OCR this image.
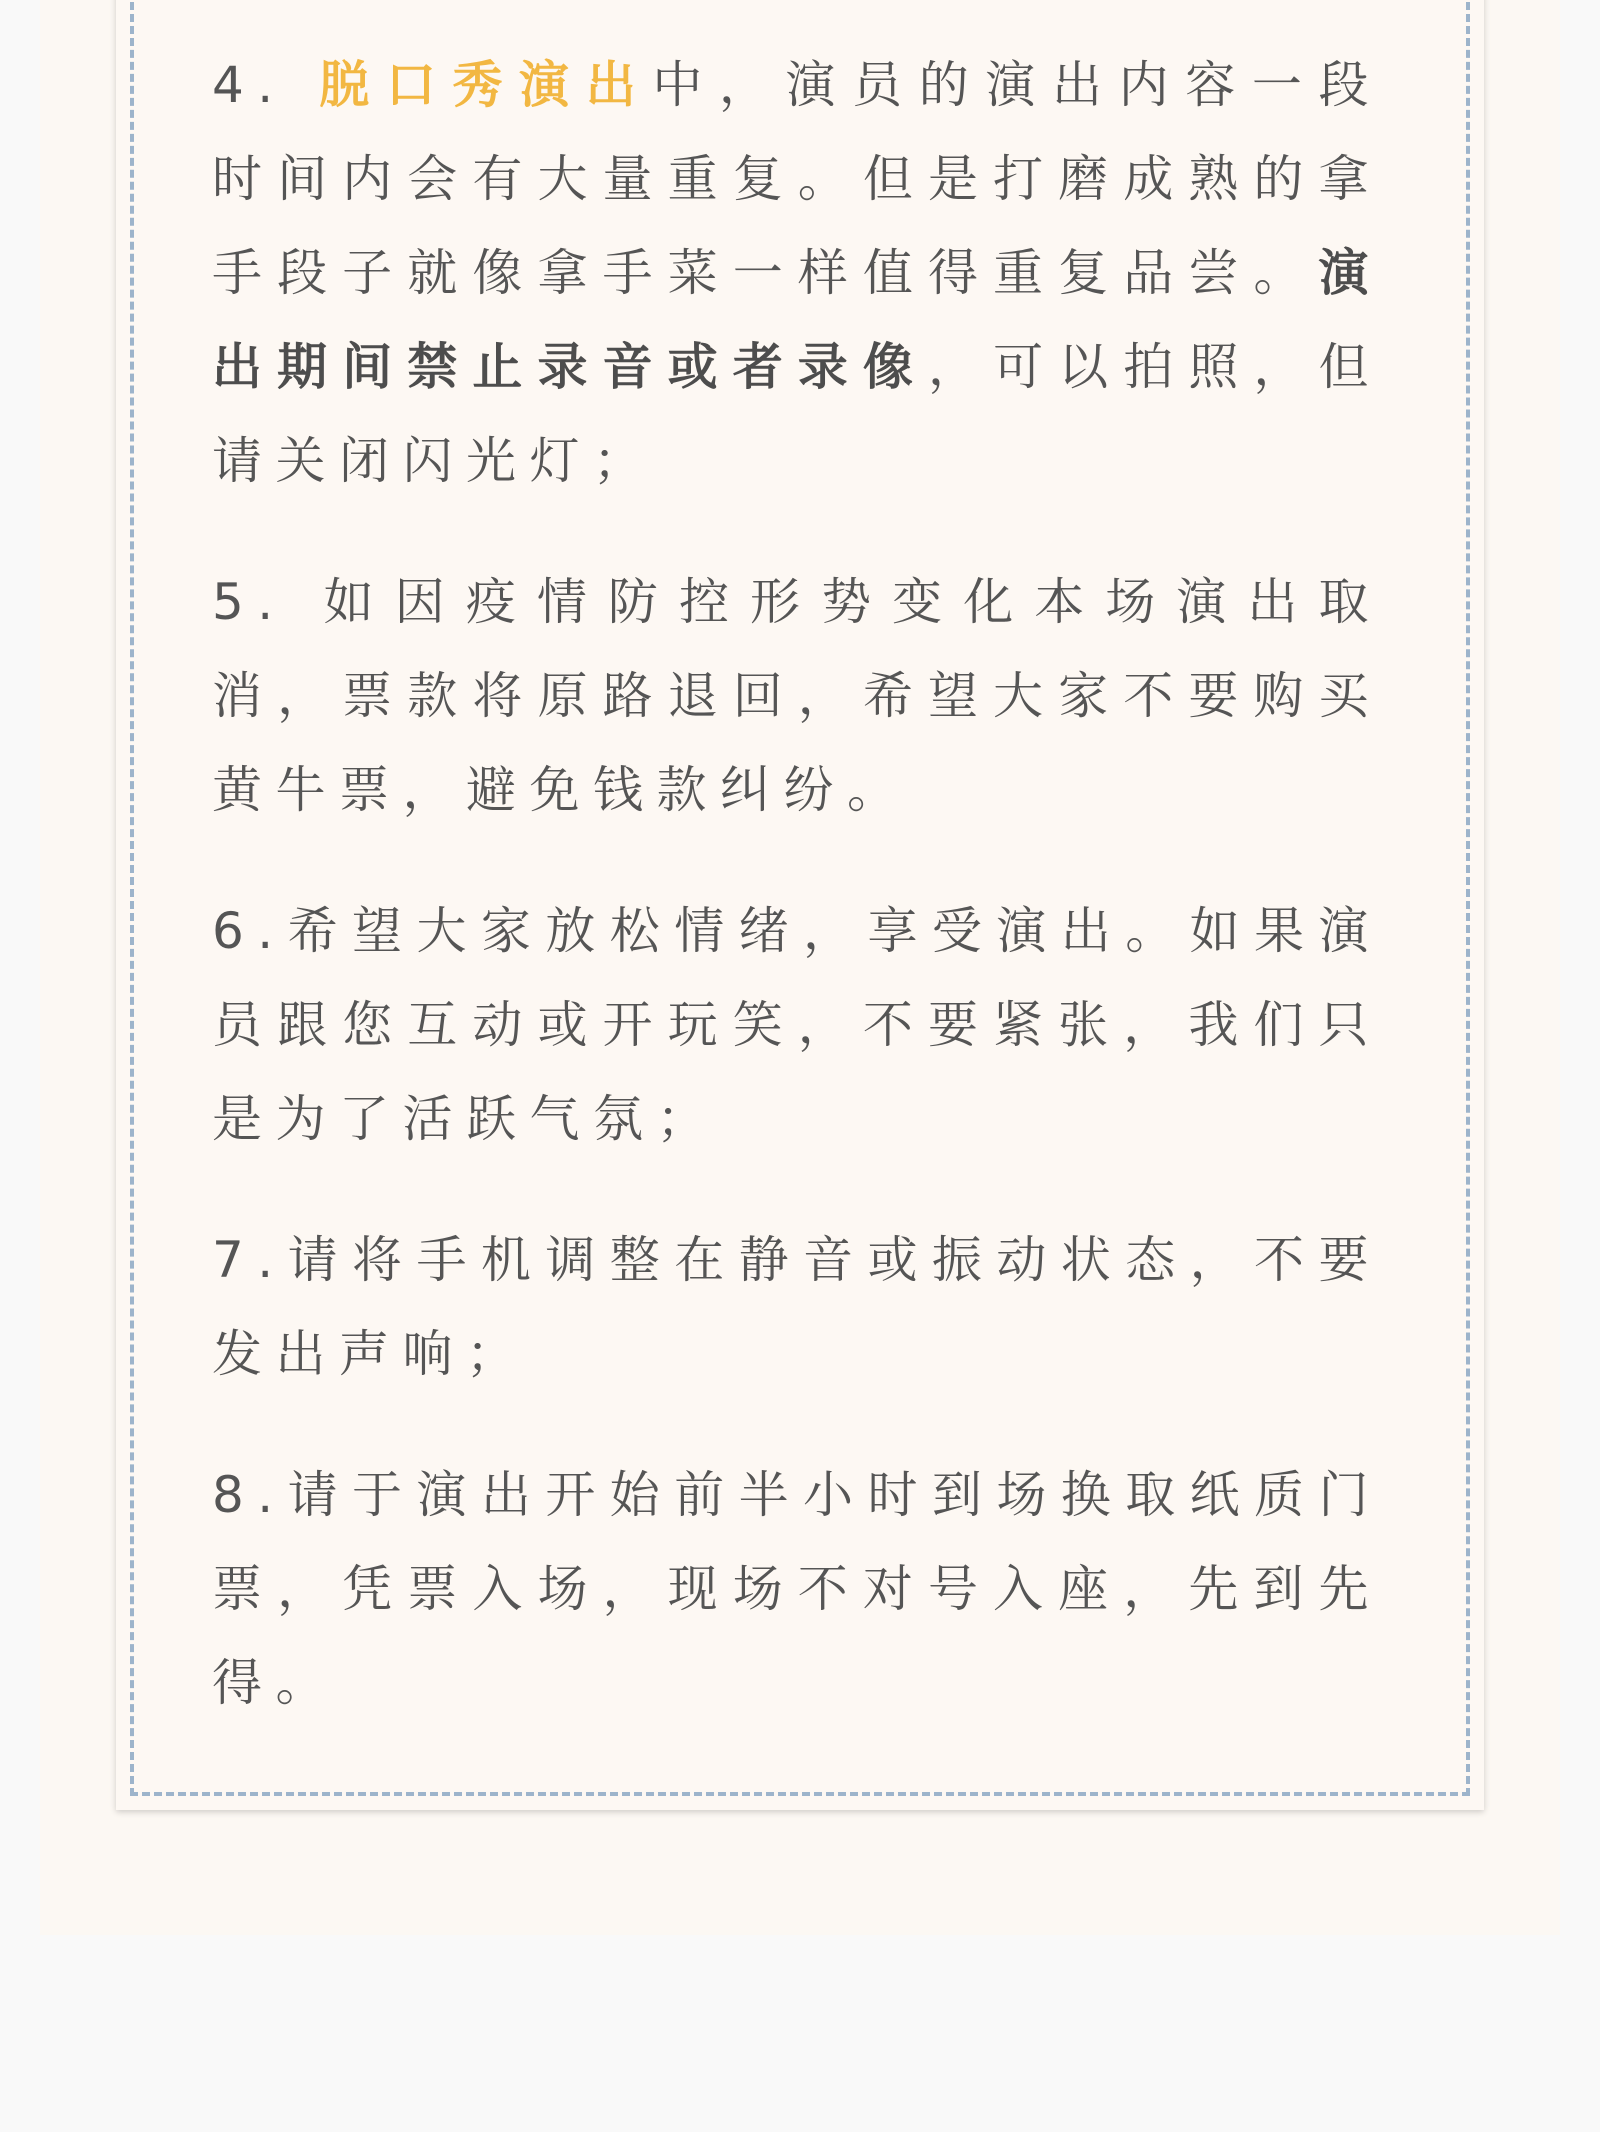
4. 脱口秀演出中，演员的演出内容一段时间内会有大量重复。但是打磨成熟的拿手段子就像拿手菜一样值得重复品尝。演出期间禁止录音或者录像，可以拍照，但请关闭闪光灯；

5. 如因疫情防控形势变化本场演出取消，票款将原路退回，希望大家不要购买黄牛票，避免钱款纠纷。

6.希望大家放松情绪，享受演出。如果演员跟您互动或开玩笑，不要紧张，我们只是为了活跃气氛；

7.请将手机调整在静音或振动状态，不要发出声响；

8.请于演出开始前半小时到场换取纸质门票，凭票入场，现场不对号入座，先到先得。
